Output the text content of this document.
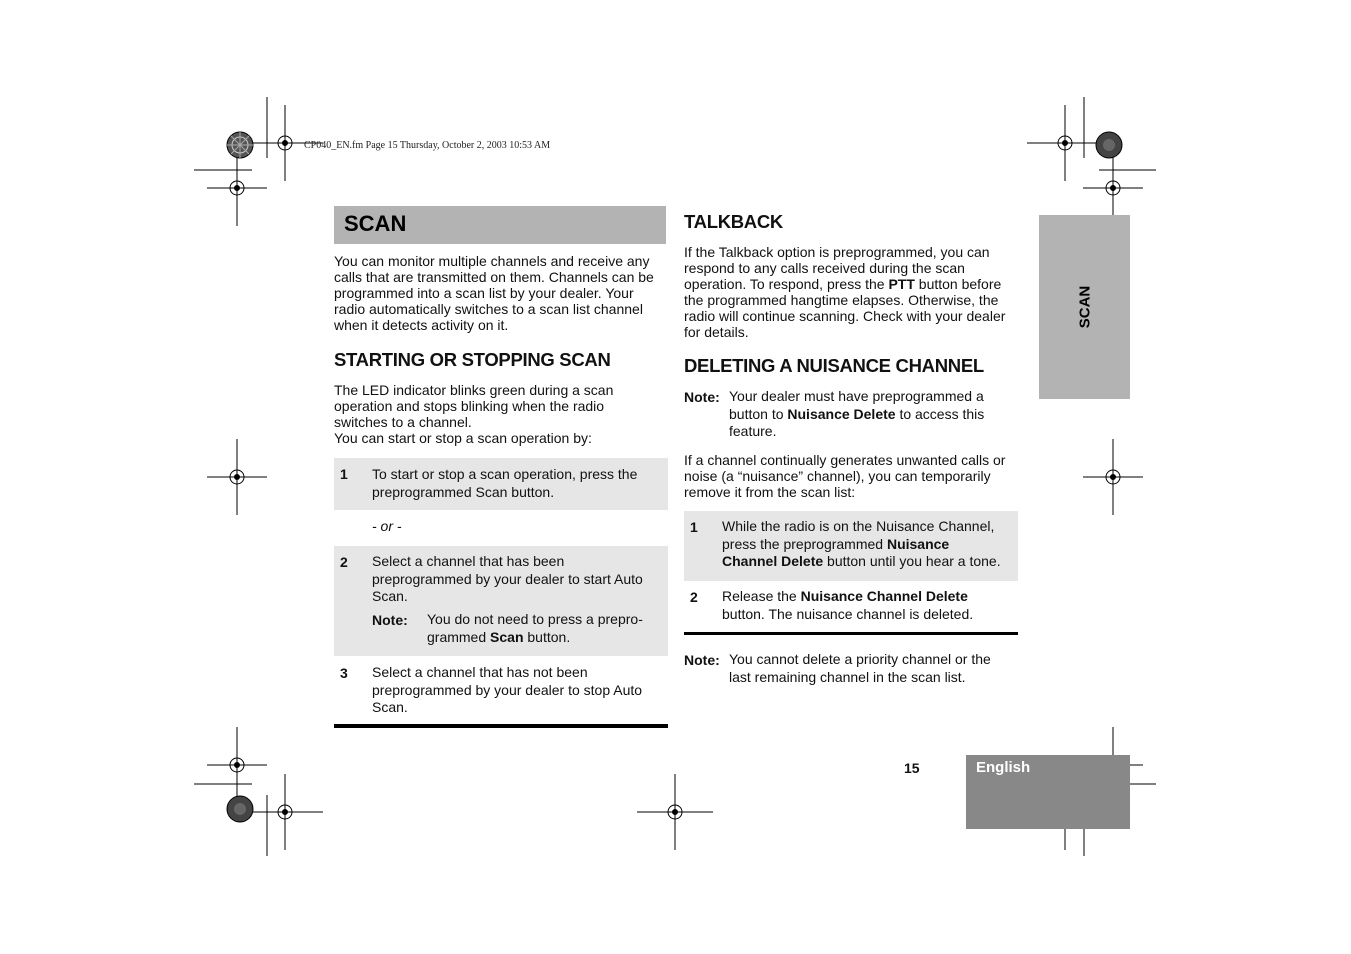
CP040_EN.fm Page 15 Thursday, October 2, 2003 10:53 AM
SCAN
You can monitor multiple channels and receive any
calls that are transmitted on them. Channels can be
programmed into a scan list by your dealer. Your
radio automatically switches to a scan list channel
when it detects activity on it.
STARTING OR STOPPING SCAN
The LED indicator blinks green during a scan
operation and stops blinking when the radio
switches to a channel.
You can start or stop a scan operation by:
1 To start or stop a scan operation, press the
preprogrammed Scan button.
- or -
2 Select a channel that has been
preprogrammed by your dealer to start Auto
Scan.
Note: You do not need to press a prepro-
grammed Scan button.
3 Select a channel that has not been
preprogrammed by your dealer to stop Auto
Scan.
TALKBACK
If the Talkback option is preprogrammed, you can
respond to any calls received during the scan
operation. To respond, press the PTT button before
the programmed hangtime elapses. Otherwise, the
radio will continue scanning. Check with your dealer
for details.
DELETING A NUISANCE CHANNEL
Note: Your dealer must have preprogrammed a
button to Nuisance Delete to access this
feature.
If a channel continually generates unwanted calls or
noise (a “nuisance” channel), you can temporarily
remove it from the scan list:
1 While the radio is on the Nuisance Channel,
press the preprogrammed Nuisance
Channel Delete button until you hear a tone.
2 Release the Nuisance Channel Delete
button. The nuisance channel is deleted.
Note: You cannot delete a priority channel or the
last remaining channel in the scan list.
SCAN
15	English
